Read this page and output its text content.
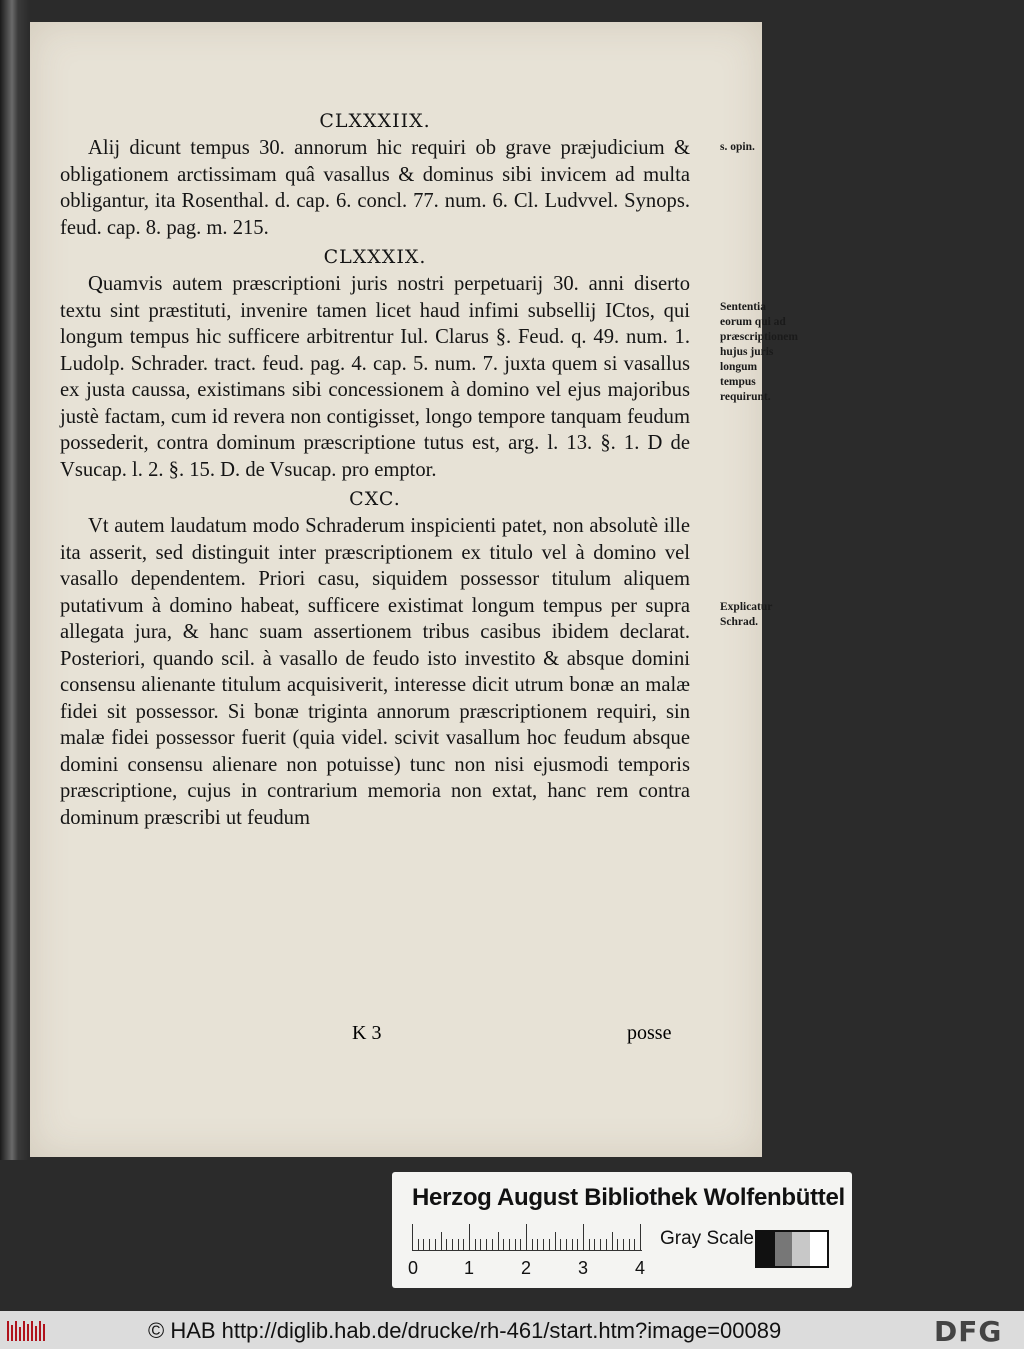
CLXXXIIX.

Alij dicunt tempus 30. annorum hic requiri ob grave præjudicium & obligationem arctissimam quâ vasallus & dominus sibi invicem ad multa obligantur, ita Rosenthal. d. cap. 6. concl. 77. num. 6. Cl. Ludvvel. Synops. feud. cap. 8. pag. m. 215.

CLXXXIX.

Quamvis autem præscriptioni juris nostri perpetuarij 30. anni diserto textu sint præstituti, invenire tamen licet haud infimi subsellij ICtos, qui longum tempus hic sufficere arbitrentur Iul. Clarus §. Feud. q. 49. num. 1. Ludolp. Schrader. tract. feud. pag. 4. cap. 5. num. 7. juxta quem si vasallus ex justa caussa, existimans sibi concessionem à domino vel ejus majoribus justè factam, cum id revera non contigisset, longo tempore tanquam feudum possederit, contra dominum præscriptione tutus est, arg. l. 13. §. 1. D de Vsucap. l. 2. §. 15. D. de Vsucap. pro emptor.

CXC.

Vt autem laudatum modo Schraderum inspicienti patet, non absolutè ille ita asserit, sed distinguit inter præscriptionem ex titulo vel à domino vel vasallo dependentem. Priori casu, siquidem possessor titulum aliquem putativum à domino habeat, sufficere existimat longum tempus per supra allegata jura, & hanc suam assertionem tribus casibus ibidem declarat. Posteriori, quando scil. à vasallo de feudo isto investito & absque domini consensu alienante titulum acquisiverit, interesse dicit utrum bonæ an malæ fidei sit possessor. Si bonæ triginta annorum præscriptionem requiri, sin malæ fidei possessor fuerit (quia videl. scivit vasallum hoc feudum absque domini consensu alienare non potuisse) tunc non nisi ejusmodi temporis præscriptione, cujus in contrarium memoria non extat, hanc rem contra dominum præscribi ut feudum

s. opin.
Sententia eorum qui ad præscriptionem hujus juris longum tempus requirunt.
Explicatur Schrad.
K 3	posse
Herzog August Bibliothek Wolfenbüttel
0	1	2	3	4
Gray Scale
© HAB http://diglib.hab.de/drucke/rh-461/start.htm?image=00089	DFG
